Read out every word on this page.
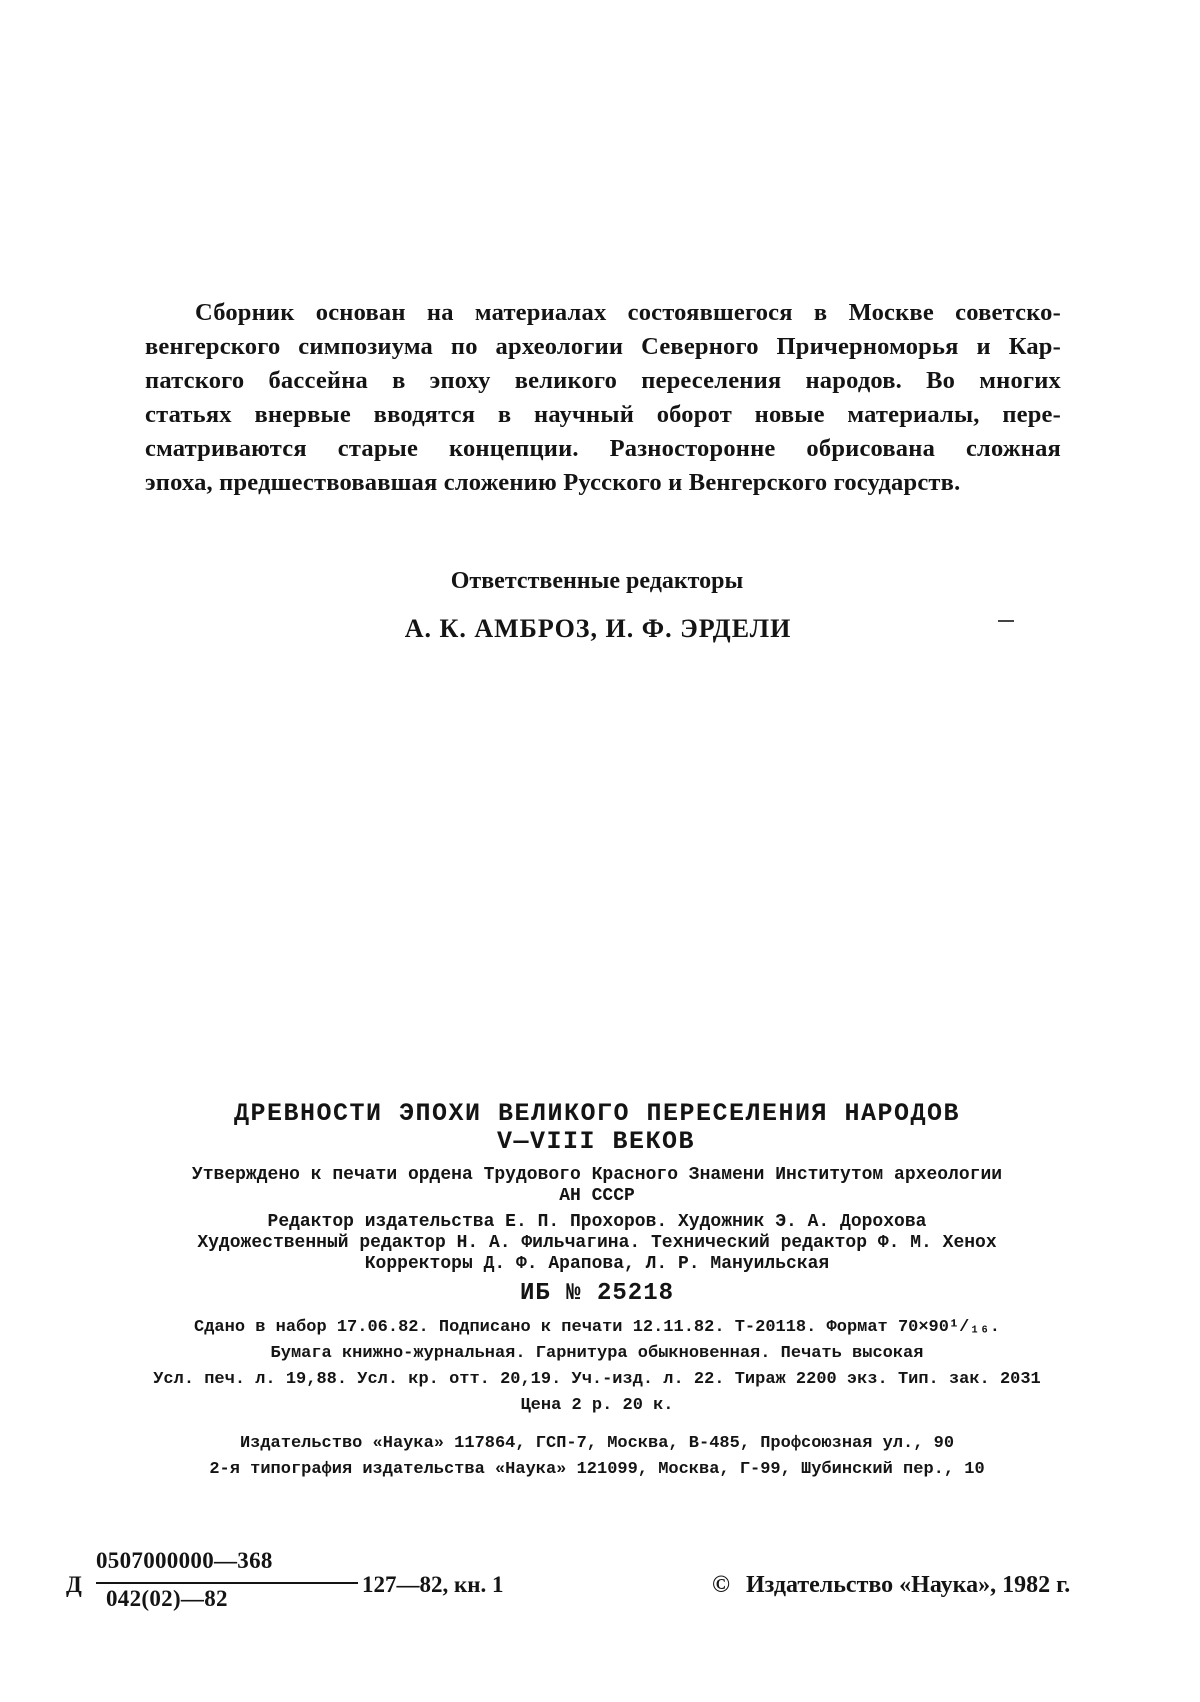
Сборник основан на материалах состоявшегося в Москве советско-
венгерского симпозиума по археологии Северного Причерноморья и Кар-
патского бассейна в эпоху великого переселения народов. Во многих
статьях внервые вводятся в научный оборот новые материалы, пере-
сматриваются старые концепции. Разносторонне обрисована сложная
эпоха, предшествовавшая сложению Русского и Венгерского государств.
Ответственные редакторы
А. К. АМБРОЗ, И. Ф. ЭРДЕЛИ
ДРЕВНОСТИ ЭПОХИ ВЕЛИКОГО ПЕРЕСЕЛЕНИЯ НАРОДОВ
V—VIII ВЕКОВ
Утверждено к печати ордена Трудового Красного Знамени Институтом археологии
АН СССР
Редактор издательства Е. П. Прохоров. Художник Э. А. Дорохова
Художественный редактор Н. А. Фильчагина. Технический редактор Ф. М. Хенох
Корректоры Д. Ф. Арапова, Л. Р. Мануильская
ИБ № 25218
Сдано в набор 17.06.82. Подписано к печати 12.11.82. Т-20118. Формат 70×90¹/₁₆.
Бумага книжно-журнальная. Гарнитура обыкновенная. Печать высокая
Усл. печ. л. 19,88. Усл. кр. отт. 20,19. Уч.-изд. л. 22. Тираж 2200 экз. Тип. зак. 2031
Цена 2 р. 20 к.
Издательство «Наука» 117864, ГСП-7, Москва, В-485, Профсоюзная ул., 90
2-я типография издательства «Наука» 121099, Москва, Г-99, Шубинский пер., 10
Д
0507000000—368
042(02)—82
127—82, кн. 1	© Издательство «Наука», 1982 г.
